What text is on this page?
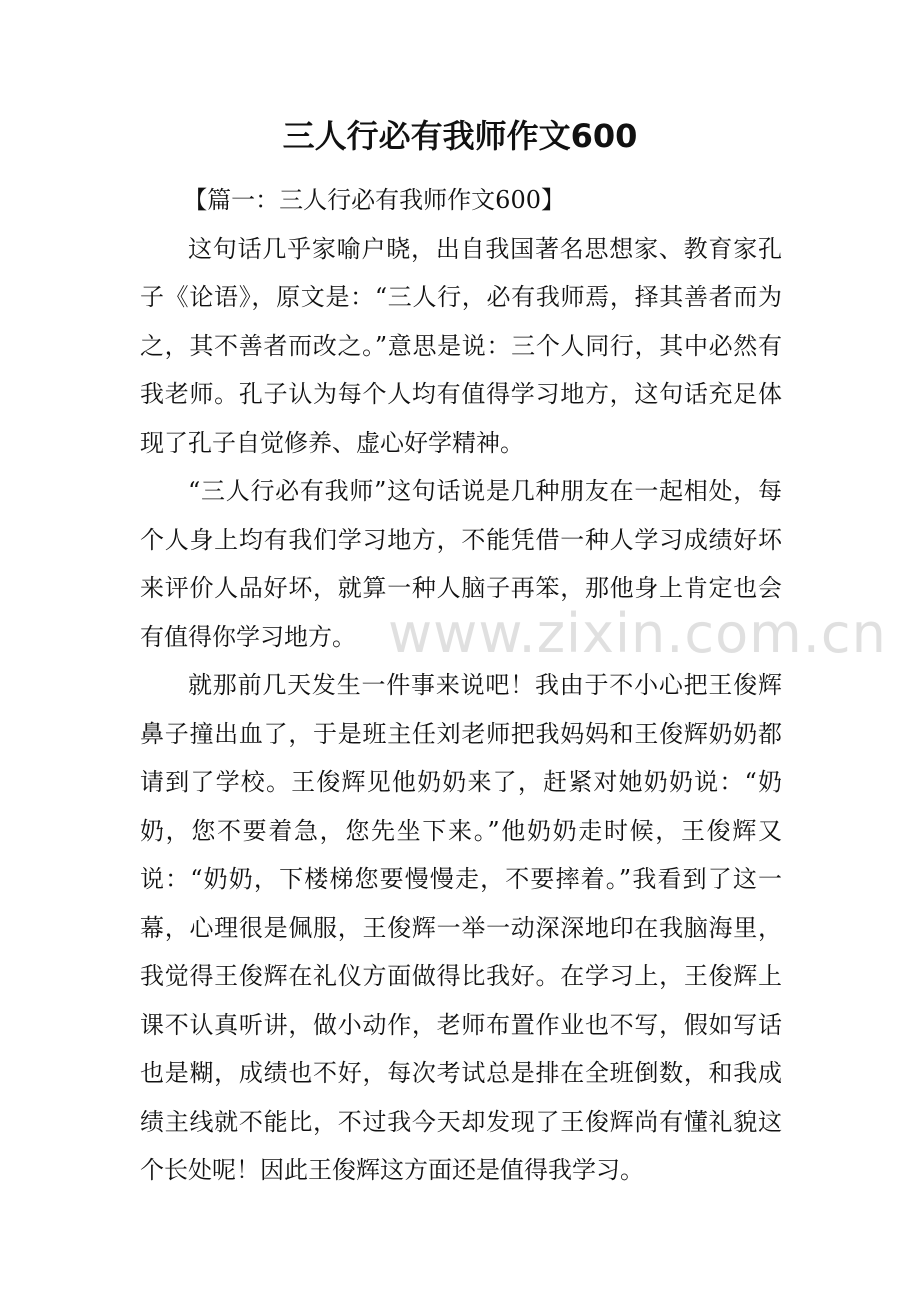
三人行必有我师作文600

【篇一：三人行必有我师作文600】

这句话几乎家喻户晓，出自我国著名思想家、教育家孔子《论语》，原文是：“三人行，必有我师焉，择其善者而为之，其不善者而改之。”意思是说：三个人同行，其中必然有我老师。孔子认为每个人均有值得学习地方，这句话充足体现了孔子自觉修养、虚心好学精神。

“三人行必有我师”这句话说是几种朋友在一起相处，每个人身上均有我们学习地方，不能凭借一种人学习成绩好坏来评价人品好坏，就算一种人脑子再笨，那他身上肯定也会有值得你学习地方。

就那前几天发生一件事来说吧！我由于不小心把王俊辉鼻子撞出血了，于是班主任刘老师把我妈妈和王俊辉奶奶都请到了学校。王俊辉见他奶奶来了，赶紧对她奶奶说：“奶奶，您不要着急，您先坐下来。”他奶奶走时候，王俊辉又说：“奶奶，下楼梯您要慢慢走，不要摔着。”我看到了这一幕，心理很是佩服，王俊辉一举一动深深地印在我脑海里，我觉得王俊辉在礼仪方面做得比我好。在学习上，王俊辉上课不认真听讲，做小动作，老师布置作业也不写，假如写话也是糊，成绩也不好，每次考试总是排在全班倒数，和我成绩主线就不能比，不过我今天却发现了王俊辉尚有懂礼貌这个长处呢！因此王俊辉这方面还是值得我学习。

www.zixin.com.cn
